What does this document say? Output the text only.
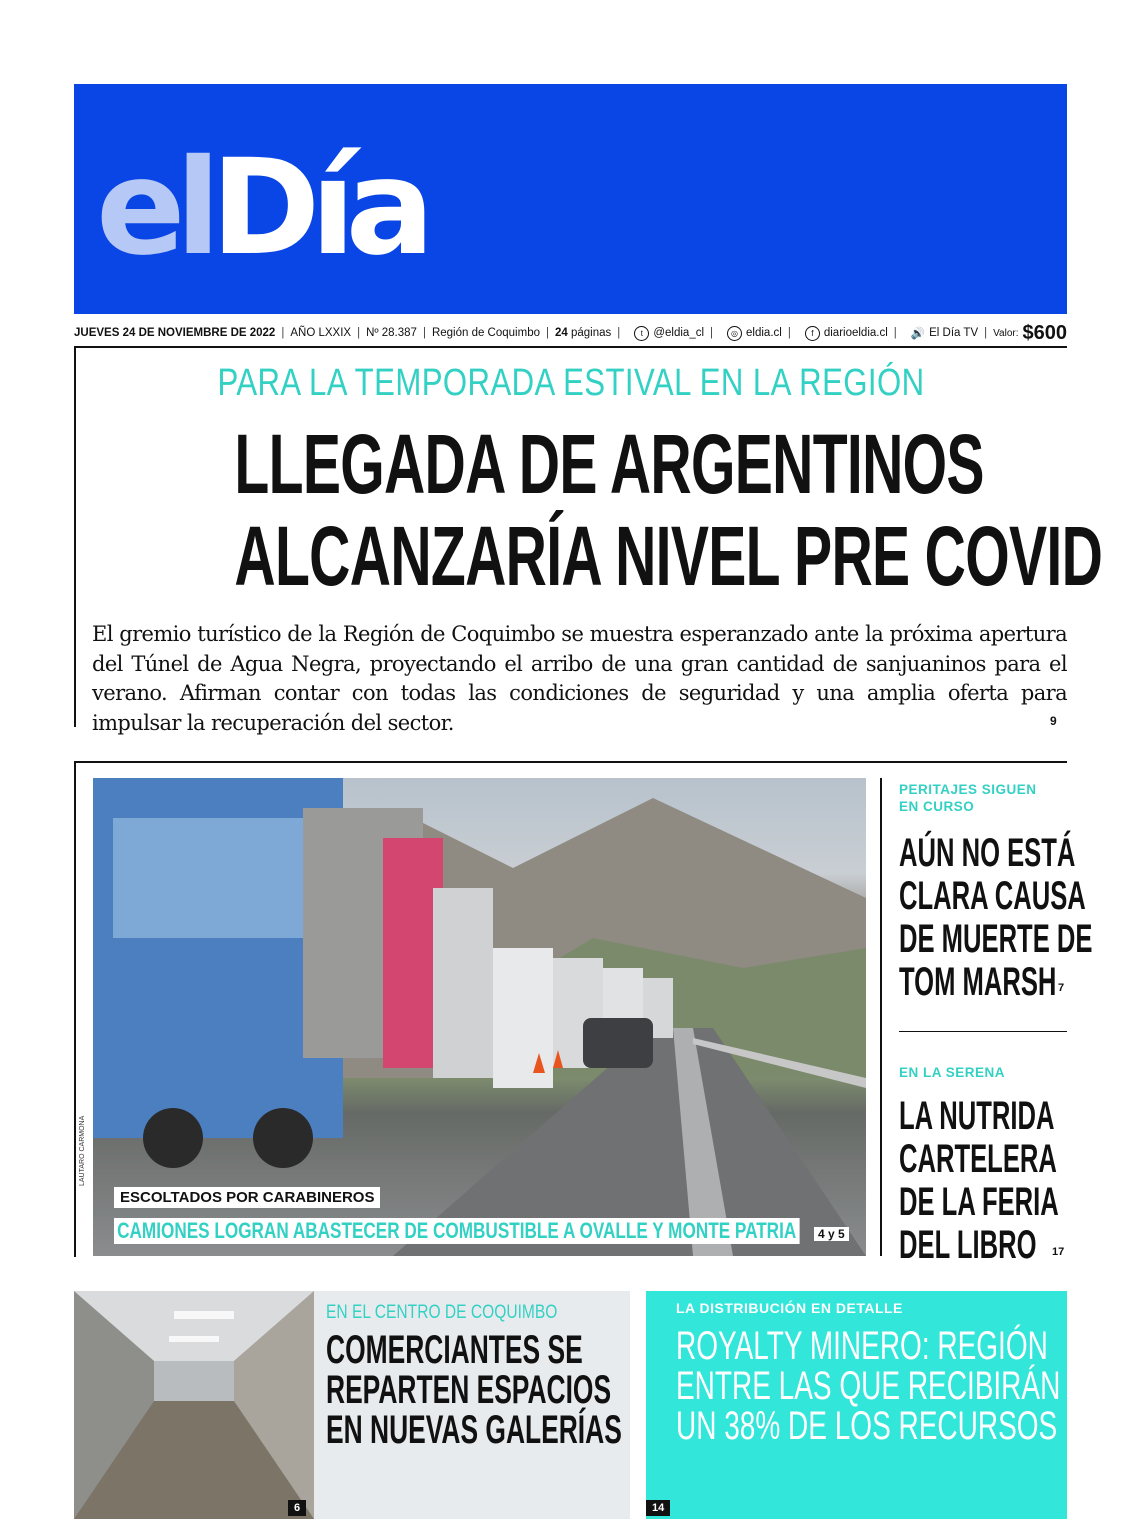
elDía
JUEVES 24 DE NOVIEMBRE DE 2022 | AÑO LXXIX | Nº 28.387 | Región de Coquimbo | 24
páginas |	t @eldia_cl |	◎ eldia.cl |	f diarioeldia.cl | 🔊 El Día TV | Valor: $600
PARA LA TEMPORADA ESTIVAL EN LA REGIÓN
LLEGADA DE ARGENTINOS
ALCANZARÍA NIVEL PRE COVID
El gremio turístico de la Región de Coquimbo se muestra esperanzado ante la próxima apertura del Túnel de Agua Negra, proyectando el arribo de una gran cantidad de sanjuaninos para el verano. Afirman contar con todas las condiciones de seguridad y una amplia oferta para impulsar la recuperación del sector.	9
LAUTARO CARMONA
ESCOLTADOS POR CARABINEROS
CAMIONES LOGRAN ABASTECER DE COMBUSTIBLE A OVALLE Y MONTE PATRIA	4 y 5
PERITAJES SIGUEN
EN CURSO
AÚN NO ESTÁ
CLARA CAUSA
DE MUERTE DE
TOM MARSH 7
EN LA SERENA
LA NUTRIDA
CARTELERA
DE LA FERIA
DEL LIBRO	17
EN EL CENTRO DE COQUIMBO
COMERCIANTES SE
REPARTEN ESPACIOS
EN NUEVAS GALERÍAS
6
LA DISTRIBUCIÓN EN DETALLE
ROYALTY MINERO: REGIÓN
ENTRE LAS QUE RECIBIRÁN
UN 38% DE LOS RECURSOS
14
